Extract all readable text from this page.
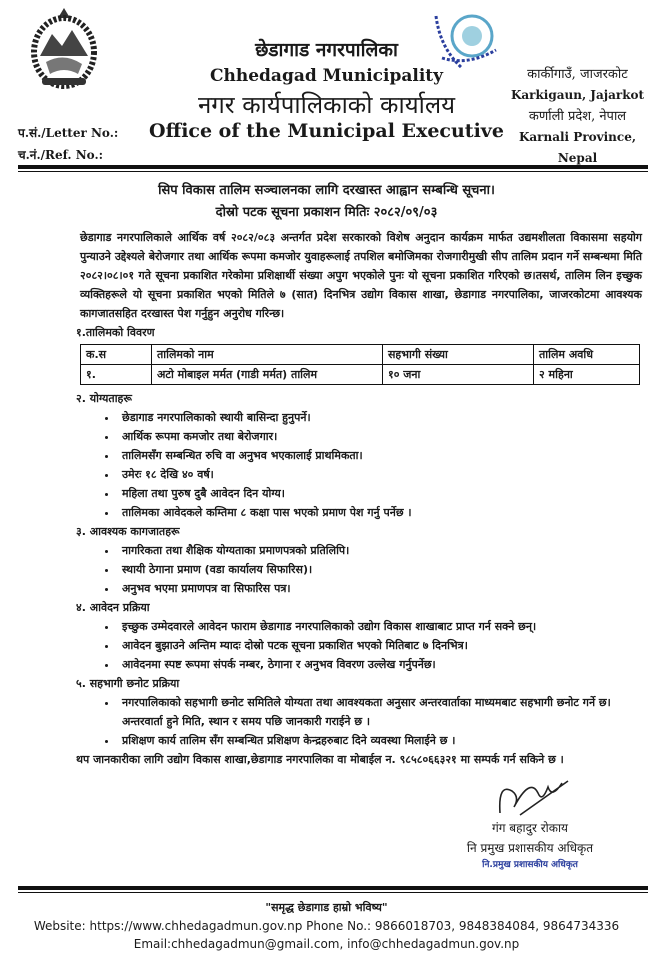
छेडागाड नगरपालिका
Chhedagad Municipality
नगर कार्यपालिकाको कार्यालय
Office of the Municipal Executive
कार्कीगाउँ, जाजरकोट
Karkigaun, Jajarkot
कर्णाली प्रदेश, नेपाल
Karnali Province, Nepal
प.सं./Letter No.:
च.नं./Ref. No.:
सिप विकास तालिम सञ्चालनका लागि दरखास्त आह्वान सम्बन्धि सूचना।
दोस्रो पटक सूचना प्रकाशन मितिः २०८२/०९/०३
छेडागाड नगरपालिकाले आर्थिक वर्ष २०८२/०८३ अन्तर्गत प्रदेश सरकारको विशेष अनुदान कार्यक्रम मार्फत उद्यमशीलता विकासमा सहयोग पुन्याउने उद्देश्यले बेरोजगार तथा आर्थिक रूपमा कमजोर युवाहरूलाई तपशिल बमोजिमका रोजगारीमुखी सीप तालिम प्रदान गर्ने सम्बन्धमा मिति २०८२।०८।०१ गते सूचना प्रकाशित गरेकोमा प्रशिक्षार्थी संख्या अपुग भएकोले पुनः यो सूचना प्रकाशित गरिएको छ।तसर्थ, तालिम लिन इच्छुक व्यक्तिहरूले यो सूचना प्रकाशित भएको मितिले ७ (सात) दिनभित्र उद्योग विकास शाखा, छेडागाड नगरपालिका, जाजरकोटमा आवश्यक कागजातसहित दरखास्त पेश गर्नुहुन अनुरोध गरिन्छ।
१.तालिमको विवरण
क.स	तालिमको नाम	सहभागी संख्या	तालिम अवधि
१.	अटो मोबाइल मर्मत (गाडी मर्मत) तालिम	१० जना	२ महिना
२. योग्यताहरू
• छेडागाड नगरपालिकाको स्थायी बासिन्दा हुनुपर्ने।
• आर्थिक रूपमा कमजोर तथा बेरोजगार।
• तालिमसँग सम्बन्धित रुचि वा अनुभव भएकालाई प्राथमिकता।
• उमेरः १८ देखि ४० वर्ष।
• महिला तथा पुरुष दुबै आवेदन दिन योग्य।
• तालिमका आवेदकले कम्तिमा ८ कक्षा पास भएको प्रमाण पेश गर्नु पर्नेछ ।
३. आवश्यक कागजातहरू
• नागरिकता तथा शैक्षिक योग्यताका प्रमाणपत्रको प्रतिलिपि।
• स्थायी ठेगाना प्रमाण (वडा कार्यालय सिफारिस)।
• अनुभव भएमा प्रमाणपत्र वा सिफारिस पत्र।
४. आवेदन प्रक्रिया
• इच्छुक उम्मेदवारले आवेदन फाराम छेडागाड नगरपालिकाको उद्योग विकास शाखाबाट प्राप्त गर्न सक्ने छन्।
• आवेदन बुझाउने अन्तिम म्यादः दोस्रो पटक सूचना प्रकाशित भएको मितिबाट ७ दिनभित्र।
• आवेदनमा स्पष्ट रूपमा संपर्क नम्बर, ठेगाना र अनुभव विवरण उल्लेख गर्नुपर्नेछ।
५. सहभागी छनोट प्रक्रिया
• नगरपालिकाको सहभागी छनोट समितिले योग्यता तथा आवश्यकता अनुसार अन्तरवार्ताका माध्यमबाट सहभागी छनोट गर्ने छ। अन्तरवार्ता हुने मिति, स्थान र समय पछि जानकारी गराईने छ ।
• प्रशिक्षण कार्य तालिम सँग सम्बन्धित प्रशिक्षण केन्द्रहरुबाट दिने व्यवस्था मिलाईने छ ।
थप जानकारीका लागि उद्योग विकास शाखा,छेडागाड नगरपालिका वा मोबाईल न. ९८५८०६६३२१ मा सम्पर्क गर्न सकिने छ ।
गंग बहादुर रोकाय
नि प्रमुख प्रशासकीय अधिकृत
नि.प्रमुख प्रशासकीय अधिकृत
"समृद्ध छेडागाड हाम्रो भविष्य"
Website: https://www.chhedagadmun.gov.np Phone No.: 9866018703, 9848384084, 9864734336
Email:chhedagadmun@gmail.com, info@chhedagadmun.gov.np
